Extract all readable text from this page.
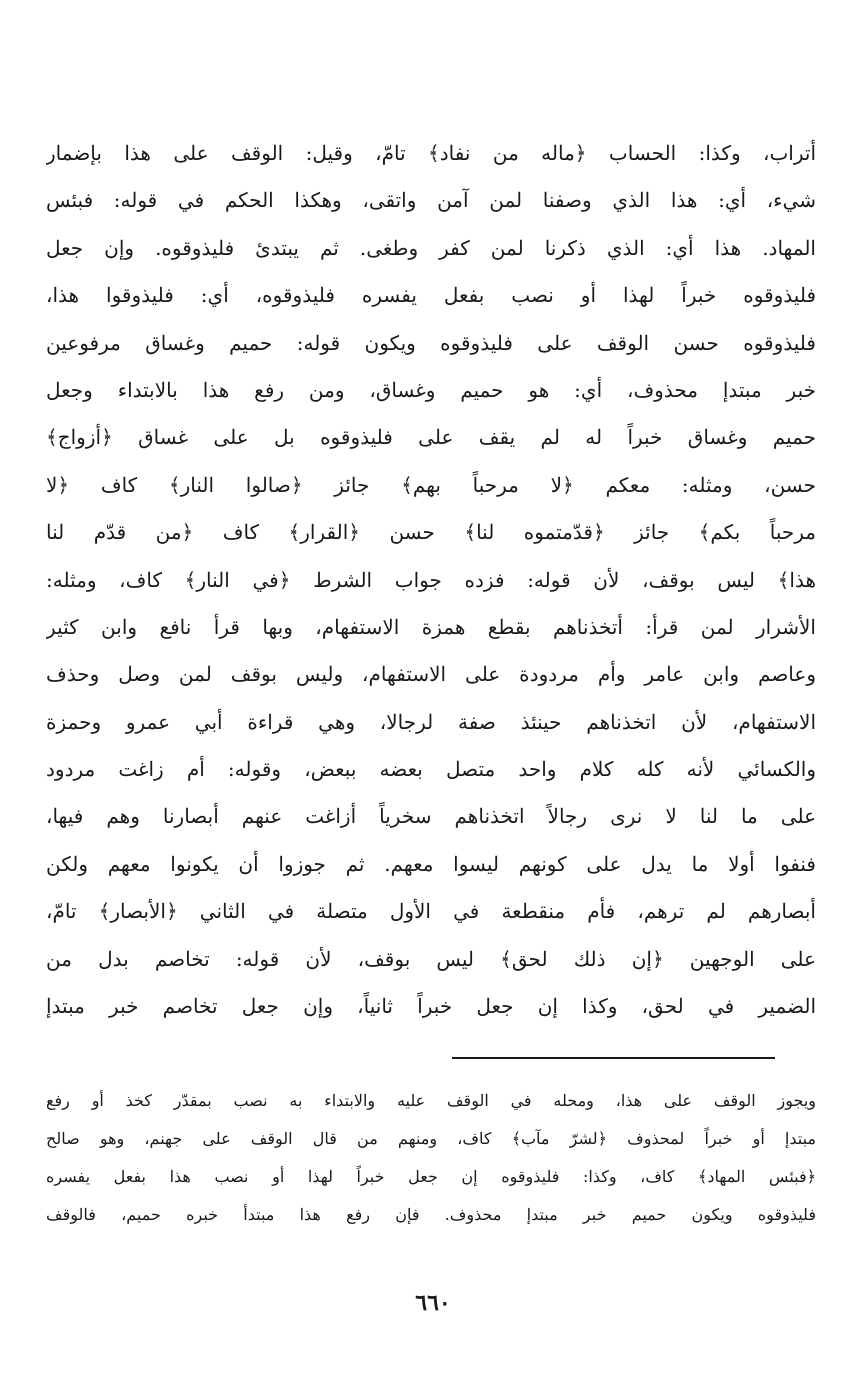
أتراب، وكذا: الحساب ﴿ماله من نفاد﴾ تامّ، وقيل: الوقف على هذا بإضمار
شيء، أي: هذا الذي وصفنا لمن آمن واتقى، وهكذا الحكم في قوله: فبئس
المهاد. هذا أي: الذي ذكرنا لمن كفر وطغى. ثم يبتدئ فليذوقوه. وإن جعل
فليذوقوه خبراً لهذا أو نصب بفعل يفسره فليذوقوه، أي: فليذوقوا هذا،
فليذوقوه حسن الوقف على فليذوقوه ويكون قوله: حميم وغساق مرفوعين
خبر مبتدإ محذوف، أي: هو حميم وغساق، ومن رفع هذا بالابتداء وجعل
حميم وغساق خبراً له لم يقف على فليذوقوه بل على غساق ﴿أزواج﴾
حسن، ومثله: معكم ﴿لا مرحباً بهم﴾ جائز ﴿صالوا النار﴾ كاف ﴿لا
مرحباً بكم﴾ جائز ﴿قدّمتموه لنا﴾ حسن ﴿القرار﴾ كاف ﴿من قدّم لنا
هذا﴾ ليس بوقف، لأن قوله: فزده جواب الشرط ﴿في النار﴾ كاف، ومثله:
الأشرار لمن قرأ: أتخذناهم بقطع همزة الاستفهام، وبها قرأ نافع وابن كثير
وعاصم وابن عامر وأم مردودة على الاستفهام، وليس بوقف لمن وصل وحذف
الاستفهام، لأن اتخذناهم حينئذ صفة لرجالا، وهي قراءة أبي عمرو وحمزة
والكسائي لأنه كله كلام واحد متصل بعضه ببعض، وقوله: أم زاغت مردود
على ما لنا لا نرى رجالاً اتخذناهم سخرياً أزاغت عنهم أبصارنا وهم فيها،
فنفوا أولا ما يدل على كونهم ليسوا معهم. ثم جوزوا أن يكونوا معهم ولكن
أبصارهم لم ترهم، فأم منقطعة في الأول متصلة في الثاني ﴿الأبصار﴾ تامّ،
على الوجهين ﴿إن ذلك لحق﴾ ليس بوقف، لأن قوله: تخاصم بدل من
الضمير في لحق، وكذا إن جعل خبراً ثانياً، وإن جعل تخاصم خبر مبتدإ
ويجوز الوقف على هذا، ومحله في الوقف عليه والابتداء به نصب بمقدّر كخذ أو رفع
مبتدإ أو خبراً لمحذوف ﴿لشرّ مآب﴾ كاف، ومنهم من قال الوقف على جهنم، وهو صالح
﴿فبئس المهاد﴾ كاف، وكذا: فليذوقوه إن جعل خبراً لهذا أو نصب هذا بفعل يفسره
فليذوقوه ويكون حميم خبر مبتدإ محذوف. فإن رفع هذا مبتدأ خبره حميم، فالوقف
٦٦٠
